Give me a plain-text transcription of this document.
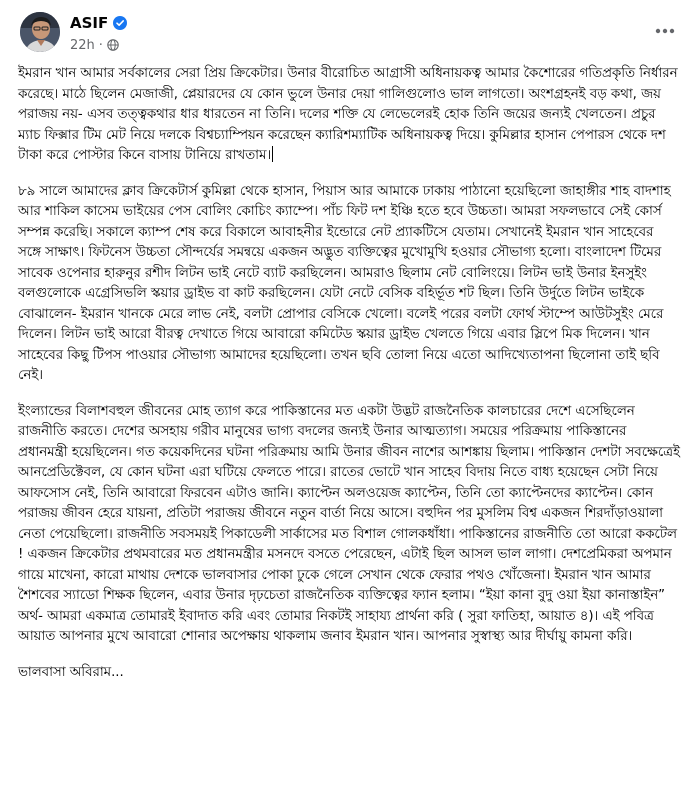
ASIF
22h ·

ইমরান খান আমার সর্বকালের সেরা প্রিয় ক্রিকেটার। উনার বীরোচিত আগ্রাসী অধিনায়কত্ব আমার কৈশোরের গতিপ্রকৃতি নির্ধারন করেছে। মাঠে ছিলেন মেজাজী, প্লেয়ারদের যে কোন ভুলে উনার দেয়া গালিগুলোও ভাল লাগতো। অংশগ্রহনই বড় কথা, জয় পরাজয় নয়- এসব তত্ত্বকথার ধার ধারতেন না তিনি। দলের শক্তি যে লেভেলেরই হোক তিনি জয়ের জন্যই খেলতেন। প্রচুর ম্যাচ ফিক্সার টিম মেট নিয়ে দলকে বিশ্বচ্যাম্পিয়ন করেছেন ক্যারিশম্যাটিক অধিনায়কত্ব দিয়ে। কুমিল্লার হাসান পেপারস থেকে দশ টাকা করে পোস্টার কিনে বাসায় টানিয়ে রাখতাম।

৮৯ সালে আমাদের ক্লাব ক্রিকেটার্স কুমিল্লা থেকে হাসান, পিয়াস আর আমাকে ঢাকায় পাঠানো হয়েছিলো জাহাঙ্গীর শাহ বাদশাহ আর শাকিল কাসেম ভাইয়ের পেস বোলিং কোচিং ক্যাম্পে। পাঁচ ফিট দশ ইঞ্চি হতে হবে উচ্চতা। আমরা সফলভাবে সেই কোর্স সম্পন্ন করেছি। সকালে ক্যাম্প শেষ করে বিকালে আবাহনীর ইন্ডোরে নেট প্র্যাকটিসে যেতাম। সেখানেই ইমরান খান সাহেবের সঙ্গে সাক্ষাৎ। ফিটনেস উচ্চতা সৌন্দর্যের সমন্বয়ে একজন অদ্ভুত ব্যক্তিত্বের মুখোমুখি হওয়ার সৌভাগ্য হলো। বাংলাদেশ টিমের সাবেক ওপেনার হারুনুর রশীদ লিটন ভাই নেটে ব্যাট করছিলেন। আমরাও ছিলাম নেট বোলিংয়ে। লিটন ভাই উনার ইনসুইং বলগুলোকে এগ্রেসিভলি স্কয়ার ড্রাইভ বা কাট করছিলেন। যেটা নেটে বেসিক বহির্ভূত শট ছিল। তিনি উর্দুতে লিটন ভাইকে বোঝালেন- ইমরান খানকে মেরে লাভ নেই, বলটা প্রোপার বেসিকে খেলো। বলেই পরের বলটা ফোর্থ স্টাম্পে আউটসুইং মেরে দিলেন। লিটন ভাই আরো বীরত্ব দেখাতে গিয়ে আবারো কমিটেড স্কয়ার ড্রাইভ খেলতে গিয়ে এবার স্লিপে মিক দিলেন। খান সাহেবের কিছু টিপস পাওয়ার সৌভাগ্য আমাদের হয়েছিলো। তখন ছবি তোলা নিয়ে এতো আদিখ্যেতাপনা ছিলোনা তাই ছবি নেই।

ইংল্যান্ডের বিলাশবহুল জীবনের মোহ ত্যাগ করে পাকিস্তানের মত একটা উদ্ভট রাজনৈতিক কালচারের দেশে এসেছিলেন রাজনীতি করতে। দেশের অসহায় গরীব মানুষের ভাগ্য বদলের জন্যই উনার আত্মত্যাগ। সময়ের পরিক্রমায় পাকিস্তানের প্রধানমন্ত্রী হয়েছিলেন। গত কয়েকদিনের ঘটনা পরিক্রমায় আমি উনার জীবন নাশের আশঙ্কায় ছিলাম। পাকিস্তান দেশটা সবক্ষেত্রেই আনপ্রেডিক্টেবল, যে কোন ঘটনা এরা ঘটিয়ে ফেলতে পারে। রাতের ভোটে খান সাহেব বিদায় নিতে বাধ্য হয়েছেন সেটা নিয়ে আফসোস নেই, তিনি আবারো ফিরবেন এটাও জানি। ক্যাপ্টেন অলওয়েজ ক্যাপ্টেন, তিনি তো ক্যাপ্টেনদের ক্যাপ্টেন। কোন পরাজয় জীবন হেরে যায়না, প্রতিটা পরাজয় জীবনে নতুন বার্তা নিয়ে আসে। বহুদিন পর মুসলিম বিশ্ব একজন শিরদাঁড়াওয়ালা নেতা পেয়েছিলো। রাজনীতি সবসময়ই পিকাডেলী সার্কাসের মত বিশাল গোলকধাঁধা। পাকিস্তানের রাজনীতি তো আরো ককটেল ! একজন ক্রিকেটার প্রথমবারের মত প্রধানমন্ত্রীর মসনদে বসতে পেরেছেন, এটাই ছিল আসল ভাল লাগা। দেশপ্রেমিকরা অপমান গায়ে মাখেনা, কারো মাথায় দেশকে ভালবাসার পোকা ঢুকে গেলে সেখান থেকে ফেরার পথও খোঁজেনা। ইমরান খান আমার শৈশবের স্যাডো শিক্ষক ছিলেন, এবার উনার দৃঢ়চেতা রাজনৈতিক ব্যক্তিত্বের ফ্যান হলাম। “ইয়া কানা বুদু ওয়া ইয়া কানাস্তাইন” অর্থ- আমরা একমাত্র তোমারই ইবাদাত করি এবং তোমার নিকটই সাহায্য প্রার্থনা করি ( সুরা ফাতিহা, আয়াত ৪)। এই পবিত্র আয়াত আপনার মুখে আবারো শোনার অপেক্ষায় থাকলাম জনাব ইমরান খান। আপনার সুস্বাস্থ্য আর দীর্ঘায়ু কামনা করি।

ভালবাসা অবিরাম...
